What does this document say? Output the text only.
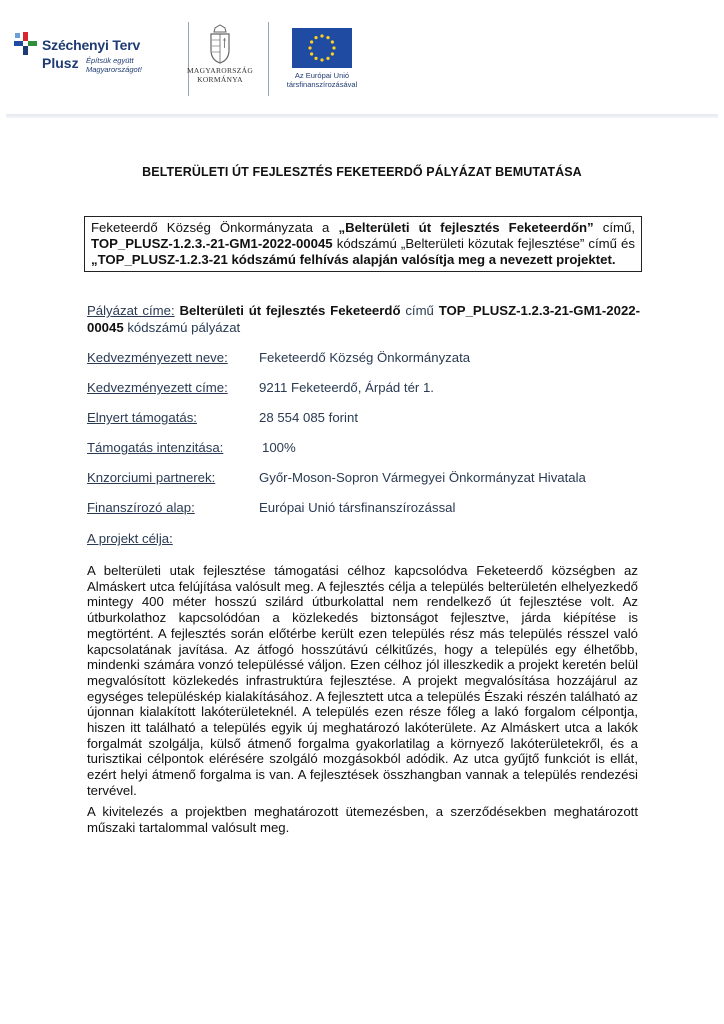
Széchenyi Terv
Plusz Építsük együtt Magyarországot!	MAGYARORSZÁG
KORMÁNYA	Az Európai Unió
társfinanszírozásával
BELTERÜLETI ÚT FEJLESZTÉS FEKETEERDŐ PÁLYÁZAT BEMUTATÁSA
Feketeerdő Község Önkormányzata a „Belterületi út fejlesztés Feketeerdőn” című, TOP_PLUSZ-1.2.3.-21-GM1-2022-00045 kódszámú „Belterületi közutak fejlesztése” című és „TOP_PLUSZ-1.2.3-21 kódszámú felhívás alapján valósítja meg a nevezett projektet.
Pályázat címe: Belterületi út fejlesztés Feketeerdő című TOP_PLUSZ-1.2.3-21-GM1-2022-00045 kódszámú pályázat
Kedvezményezett neve: Feketeerdő Község Önkormányzata
Kedvezményezett címe: 9211 Feketeerdő, Árpád tér 1.
Elnyert támogatás:	28 554 085 forint
Támogatás intenzitása:	100%
Knzorciumi partnerek:	Győr-Moson-Sopron Vármegyei Önkormányzat Hivatala
Finanszírozó alap:	Európai Unió társfinanszírozással
A projekt célja:
A belterületi utak fejlesztése támogatási célhoz kapcsolódva Feketeerdő községben az Almáskert utca felújítása valósult meg. A fejlesztés célja a település belterületén elhelyezkedő mintegy 400 méter hosszú szilárd útburkolattal nem rendelkező út fejlesztése volt. Az útburkolathoz kapcsolódóan a közlekedés biztonságot fejlesztve, járda kiépítése is megtörtént. A fejlesztés során előtérbe került ezen település rész más település résszel való kapcsolatának javítása. Az átfogó hosszútávú célkitűzés, hogy a település egy élhetőbb, mindenki számára vonzó településsé váljon. Ezen célhoz jól illeszkedik a projekt keretén belül megvalósított közlekedés infrastruktúra fejlesztése. A projekt megvalósítása hozzájárul az egységes településkép kialakításához. A fejlesztett utca a település Északi részén található az újonnan kialakított lakóterületeknél. A település ezen része főleg a lakó forgalom célpontja, hiszen itt található a település egyik új meghatározó lakóterülete. Az Almáskert utca a lakók forgalmát szolgálja, külső átmenő forgalma gyakorlatilag a környező lakóterületekről, és a turisztikai célpontok elérésére szolgáló mozgásokból adódik. Az utca gyűjtő funkciót is ellát, ezért helyi átmenő forgalma is van. A fejlesztések összhangban vannak a település rendezési tervével.
A kivitelezés a projektben meghatározott ütemezésben, a szerződésekben meghatározott műszaki tartalommal valósult meg.
